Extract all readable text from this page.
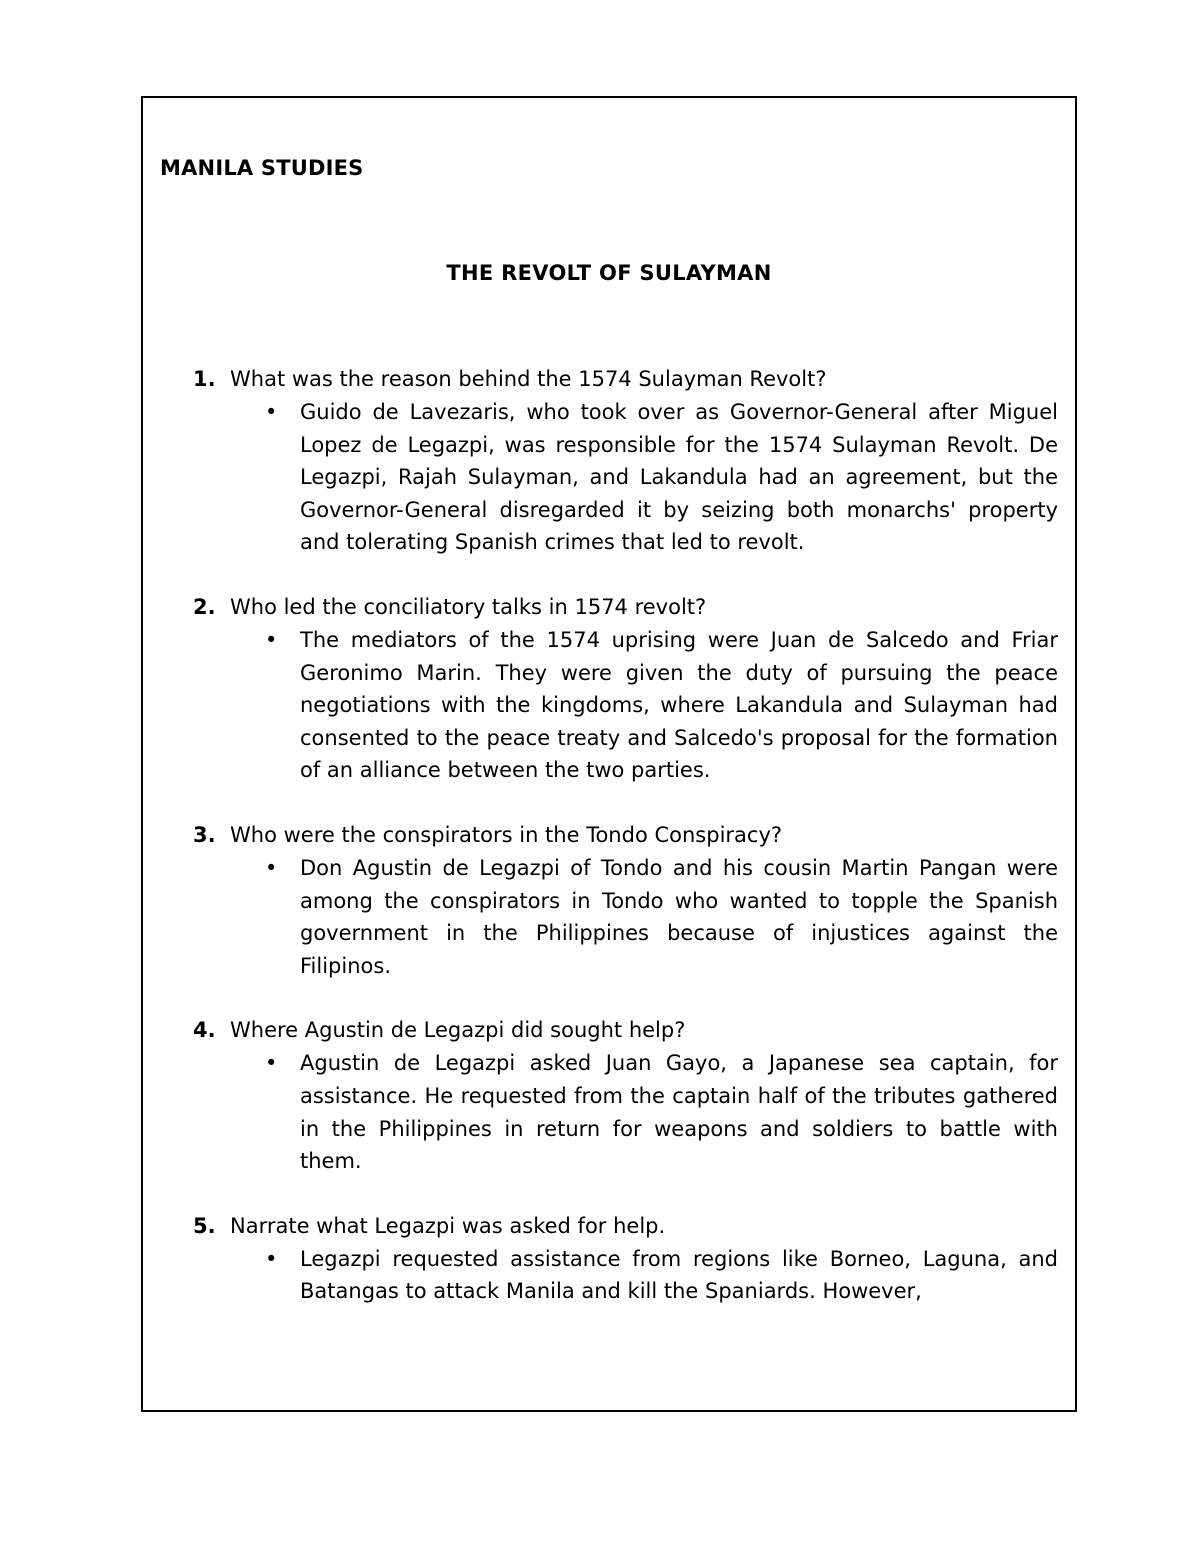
MANILA STUDIES
THE REVOLT OF SULAYMAN
1. What was the reason behind the 1574 Sulayman Revolt?
• Guido de Lavezaris, who took over as Governor-General after Miguel Lopez de Legazpi, was responsible for the 1574 Sulayman Revolt. De Legazpi, Rajah Sulayman, and Lakandula had an agreement, but the Governor-General disregarded it by seizing both monarchs' property and tolerating Spanish crimes that led to revolt.
2. Who led the conciliatory talks in 1574 revolt?
• The mediators of the 1574 uprising were Juan de Salcedo and Friar Geronimo Marin. They were given the duty of pursuing the peace negotiations with the kingdoms, where Lakandula and Sulayman had consented to the peace treaty and Salcedo's proposal for the formation of an alliance between the two parties.
3. Who were the conspirators in the Tondo Conspiracy?
• Don Agustin de Legazpi of Tondo and his cousin Martin Pangan were among the conspirators in Tondo who wanted to topple the Spanish government in the Philippines because of injustices against the Filipinos.
4. Where Agustin de Legazpi did sought help?
• Agustin de Legazpi asked Juan Gayo, a Japanese sea captain, for assistance. He requested from the captain half of the tributes gathered in the Philippines in return for weapons and soldiers to battle with them.
5. Narrate what Legazpi was asked for help.
• Legazpi requested assistance from regions like Borneo, Laguna, and Batangas to attack Manila and kill the Spaniards. However,
